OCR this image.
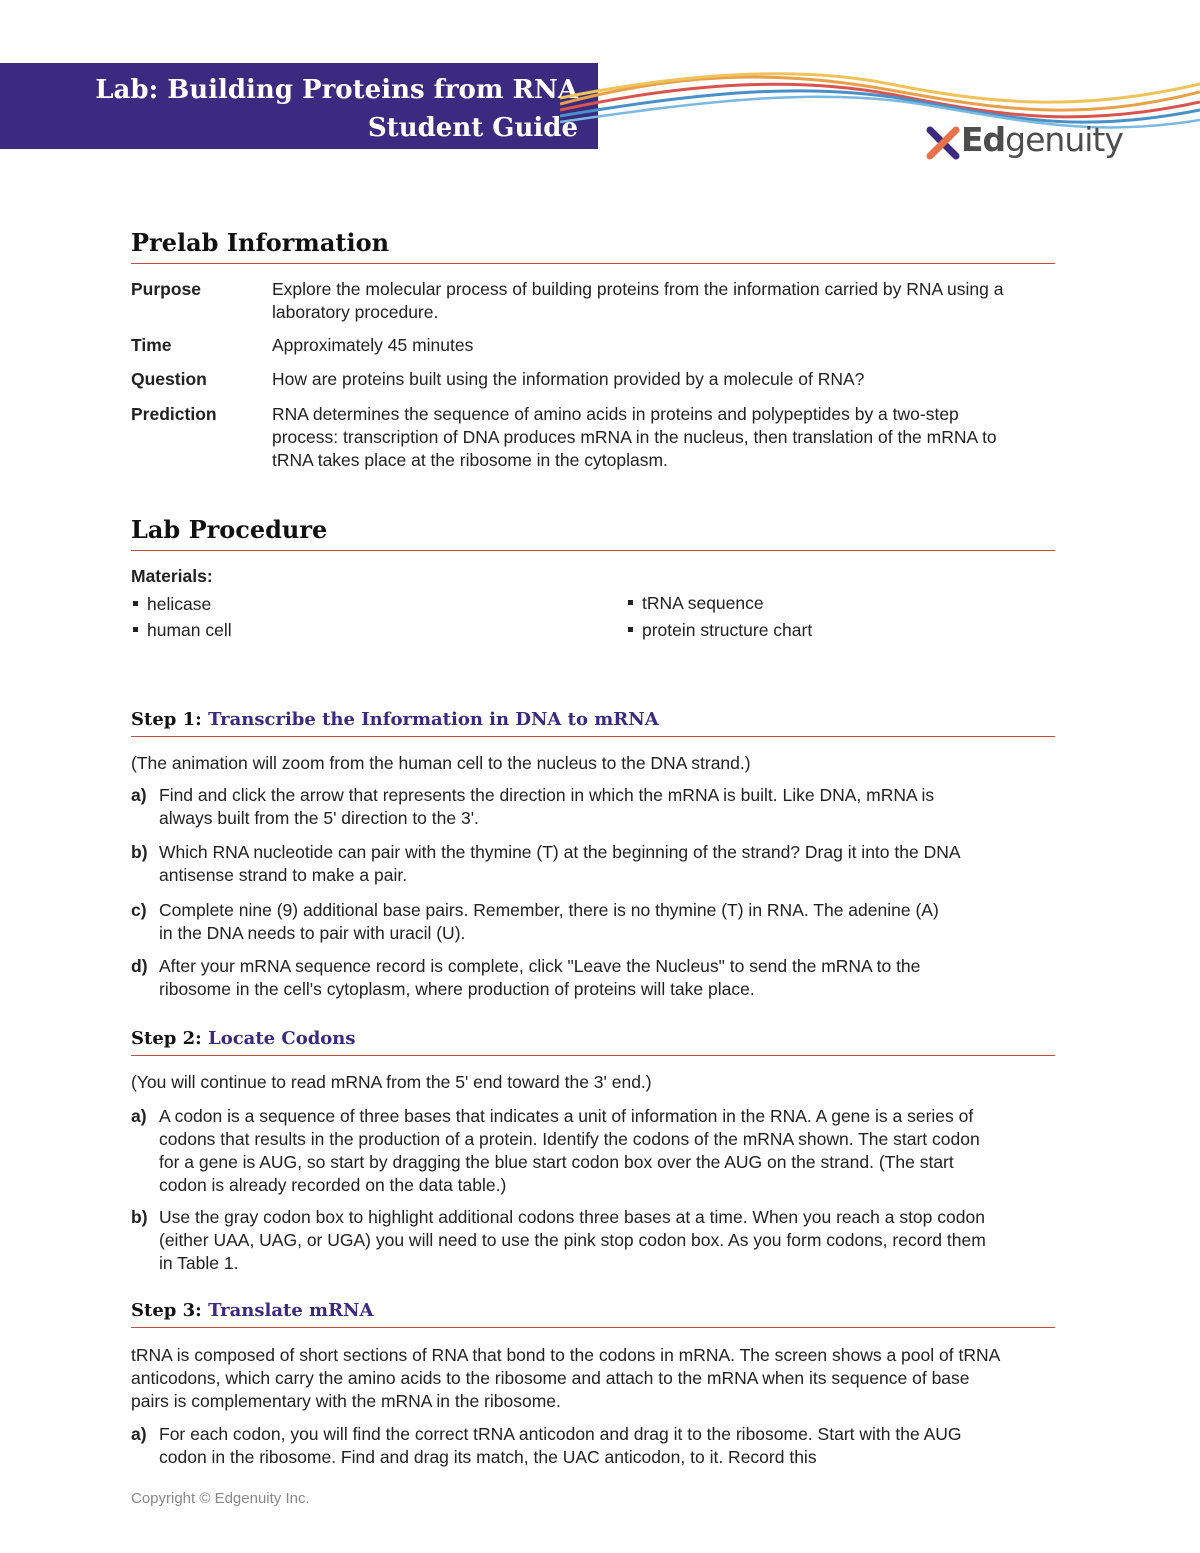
Lab: Building Proteins from RNA
Student Guide	Edgenuity
Prelab Information
Purpose	Explore the molecular process of building proteins from the information carried by RNA using a laboratory procedure.
Time	Approximately 45 minutes
Question	How are proteins built using the information provided by a molecule of RNA?
Prediction	RNA determines the sequence of amino acids in proteins and polypeptides by a two-step process: transcription of DNA produces mRNA in the nucleus, then translation of the mRNA to tRNA takes place at the ribosome in the cytoplasm.
Lab Procedure
Materials:
helicase
human cell
tRNA sequence
protein structure chart
Step 1: Transcribe the Information in DNA to mRNA
(The animation will zoom from the human cell to the nucleus to the DNA strand.)
a) Find and click the arrow that represents the direction in which the mRNA is built. Like DNA, mRNA is always built from the 5' direction to the 3'.
b) Which RNA nucleotide can pair with the thymine (T) at the beginning of the strand? Drag it into the DNA antisense strand to make a pair.
c) Complete nine (9) additional base pairs. Remember, there is no thymine (T) in RNA. The adenine (A) in the DNA needs to pair with uracil (U).
d) After your mRNA sequence record is complete, click "Leave the Nucleus" to send the mRNA to the ribosome in the cell's cytoplasm, where production of proteins will take place.
Step 2: Locate Codons
(You will continue to read mRNA from the 5' end toward the 3' end.)
a) A codon is a sequence of three bases that indicates a unit of information in the RNA. A gene is a series of codons that results in the production of a protein. Identify the codons of the mRNA shown. The start codon for a gene is AUG, so start by dragging the blue start codon box over the AUG on the strand. (The start codon is already recorded on the data table.)
b) Use the gray codon box to highlight additional codons three bases at a time. When you reach a stop codon (either UAA, UAG, or UGA) you will need to use the pink stop codon box. As you form codons, record them in Table 1.
Step 3: Translate mRNA
tRNA is composed of short sections of RNA that bond to the codons in mRNA. The screen shows a pool of tRNA anticodons, which carry the amino acids to the ribosome and attach to the mRNA when its sequence of base pairs is complementary with the mRNA in the ribosome.
a) For each codon, you will find the correct tRNA anticodon and drag it to the ribosome. Start with the AUG codon in the ribosome. Find and drag its match, the UAC anticodon, to it. Record this
Copyright © Edgenuity Inc.
